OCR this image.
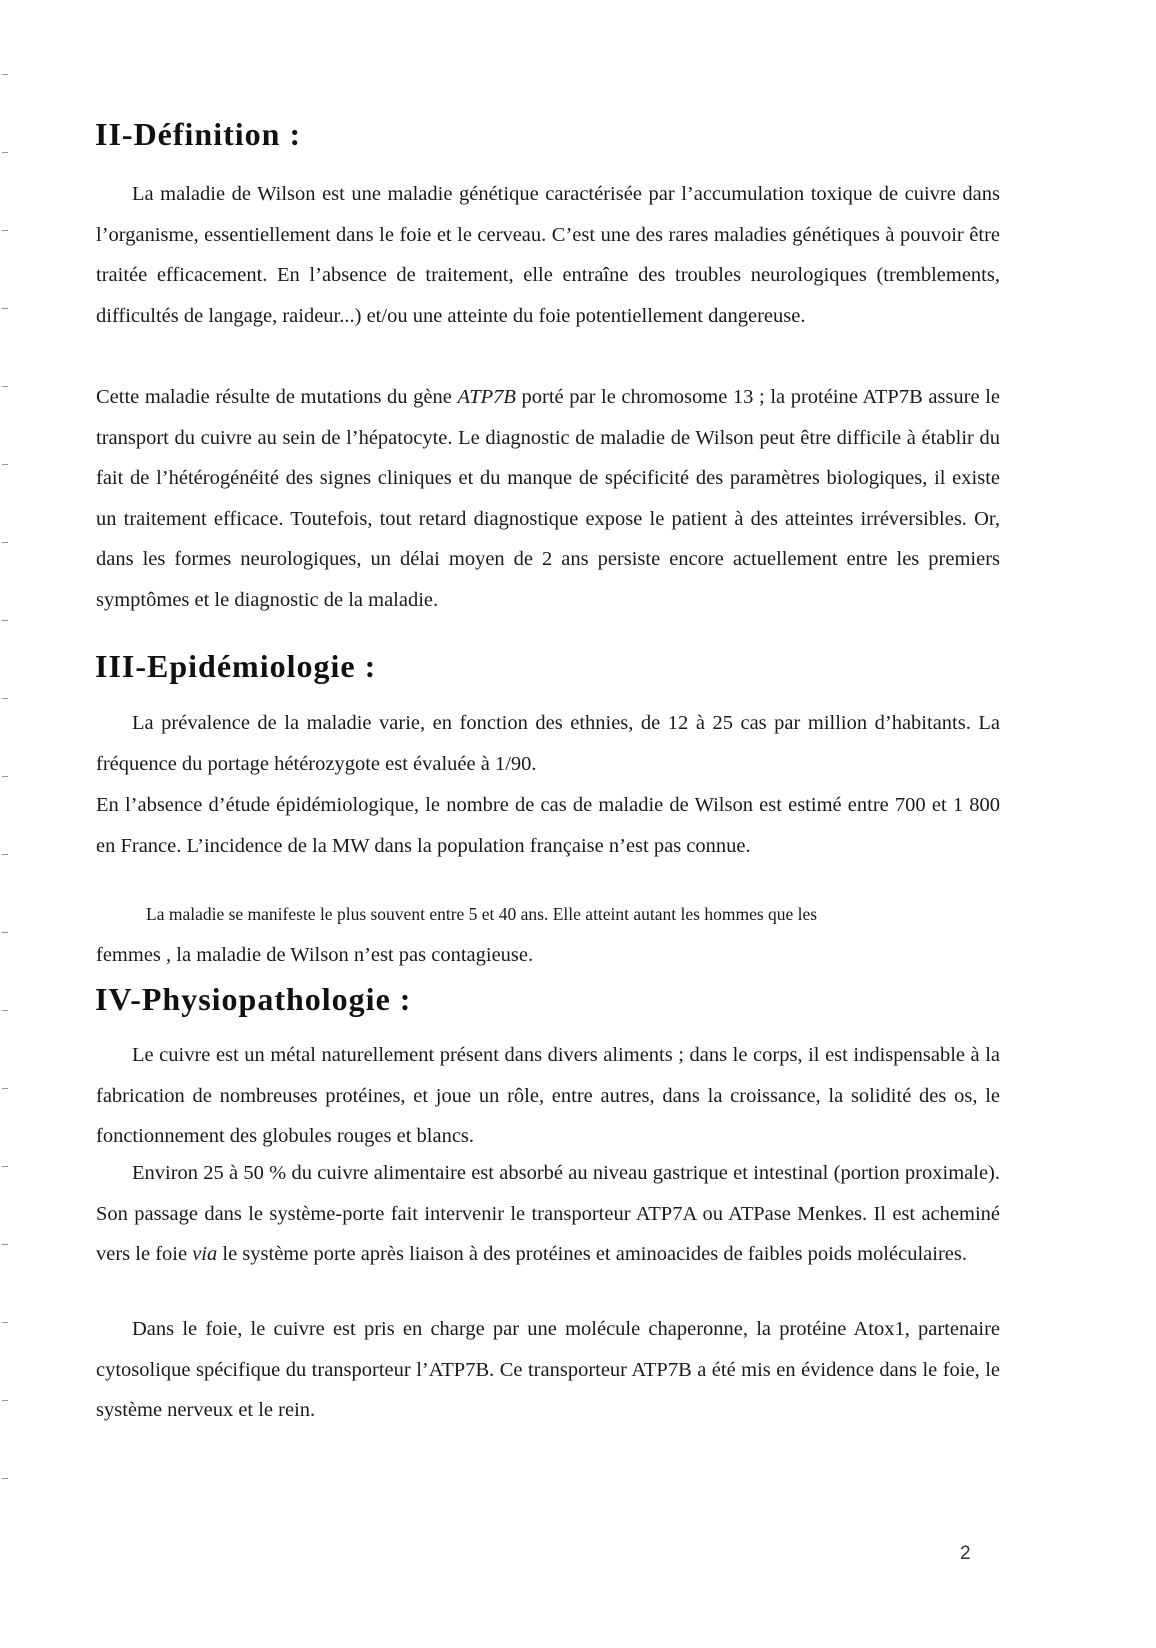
II-Définition :

La maladie de Wilson est une maladie génétique caractérisée par l’accumulation toxique de cuivre dans l’organisme, essentiellement dans le foie et le cerveau. C’est une des rares maladies génétiques à pouvoir être traitée efficacement. En l’absence de traitement, elle entraîne des troubles neurologiques (tremblements, difficultés de langage, raideur...) et/ou une atteinte du foie potentiellement dangereuse.

Cette maladie résulte de mutations du gène ATP7B porté par le chromosome 13 ; la protéine ATP7B assure le transport du cuivre au sein de l’hépatocyte. Le diagnostic de maladie de Wilson peut être difficile à établir du fait de l’hétérogénéité des signes cliniques et du manque de spécificité des paramètres biologiques, il existe un traitement efficace. Toutefois, tout retard diagnostique expose le patient à des atteintes irréversibles. Or, dans les formes neurologiques, un délai moyen de 2 ans persiste encore actuellement entre les premiers symptômes et le diagnostic de la maladie.

III-Epidémiologie :

La prévalence de la maladie varie, en fonction des ethnies, de 12 à 25 cas par million d’habitants. La fréquence du portage hétérozygote est évaluée à 1/90.

En l’absence d’étude épidémiologique, le nombre de cas de maladie de Wilson est estimé entre 700 et 1 800 en France. L’incidence de la MW dans la population française n’est pas connue.

La maladie se manifeste le plus souvent entre 5 et 40 ans. Elle atteint autant les hommes que les
femmes , la maladie de Wilson n’est pas contagieuse.

IV-Physiopathologie :

Le cuivre est un métal naturellement présent dans divers aliments ; dans le corps, il est indispensable à la fabrication de nombreuses protéines, et joue un rôle, entre autres, dans la croissance, la solidité des os, le fonctionnement des globules rouges et blancs.

Environ 25 à 50 % du cuivre alimentaire est absorbé au niveau gastrique et intestinal (portion proximale). Son passage dans le système-porte fait intervenir le transporteur ATP7A ou ATPase Menkes. Il est acheminé vers le foie via le système porte après liaison à des protéines et aminoacides de faibles poids moléculaires.

Dans le foie, le cuivre est pris en charge par une molécule chaperonne, la protéine Atox1, partenaire cytosolique spécifique du transporteur l’ATP7B. Ce transporteur ATP7B a été mis en évidence dans le foie, le système nerveux et le rein.

2
